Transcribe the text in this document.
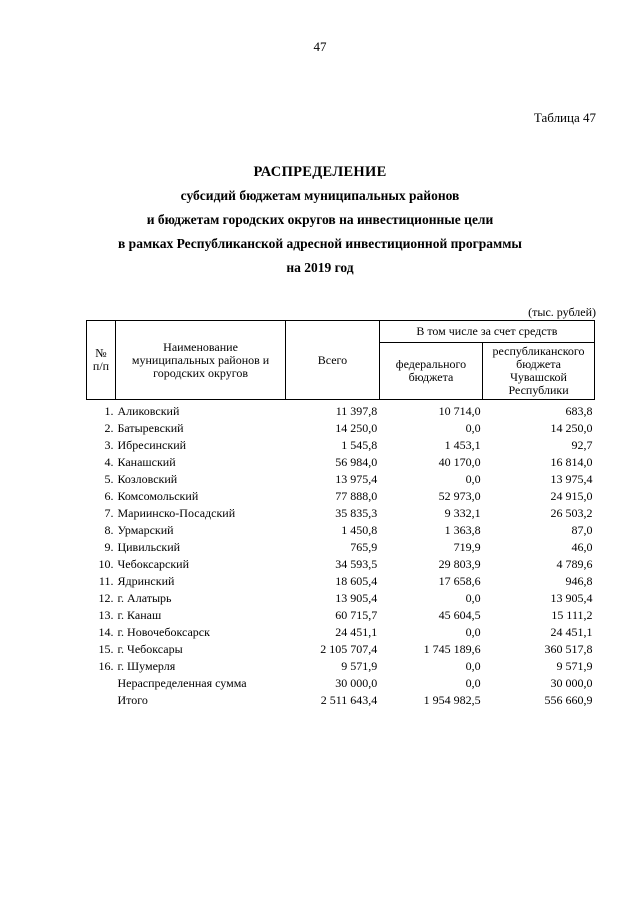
47
Таблица 47
РАСПРЕДЕЛЕНИЕ
субсидий бюджетам муниципальных районов
и бюджетам городских округов на инвестиционные цели
в рамках Республиканской адресной инвестиционной программы
на 2019 год
(тыс. рублей)
№
п/п	Наименование муниципальных районов и городских округов	Всего	В том числе за счет средств	
			федерального бюджета	республиканского бюджета Чувашской Республики
1.	Аликовский	11 397,8	10 714,0	683,8
2.	Батыревский	14 250,0	0,0	14 250,0
3.	Ибресинский	1 545,8	1 453,1	92,7
4.	Канашский	56 984,0	40 170,0	16 814,0
5.	Козловский	13 975,4	0,0	13 975,4
6.	Комсомольский	77 888,0	52 973,0	24 915,0
7.	Мариинско-Посадский	35 835,3	9 332,1	26 503,2
8.	Урмарский	1 450,8	1 363,8	87,0
9.	Цивильский	765,9	719,9	46,0
10.	Чебоксарский	34 593,5	29 803,9	4 789,6
11.	Ядринский	18 605,4	17 658,6	946,8
12.	г. Алатырь	13 905,4	0,0	13 905,4
13.	г. Канаш	60 715,7	45 604,5	15 111,2
14.	г. Новочебоксарск	24 451,1	0,0	24 451,1
15.	г. Чебоксары	2 105 707,4	1 745 189,6	360 517,8
16.	г. Шумерля	9 571,9	0,0	9 571,9
	Нераспределенная сумма	30 000,0	0,0	30 000,0
	Итого	2 511 643,4	1 954 982,5	556 660,9
